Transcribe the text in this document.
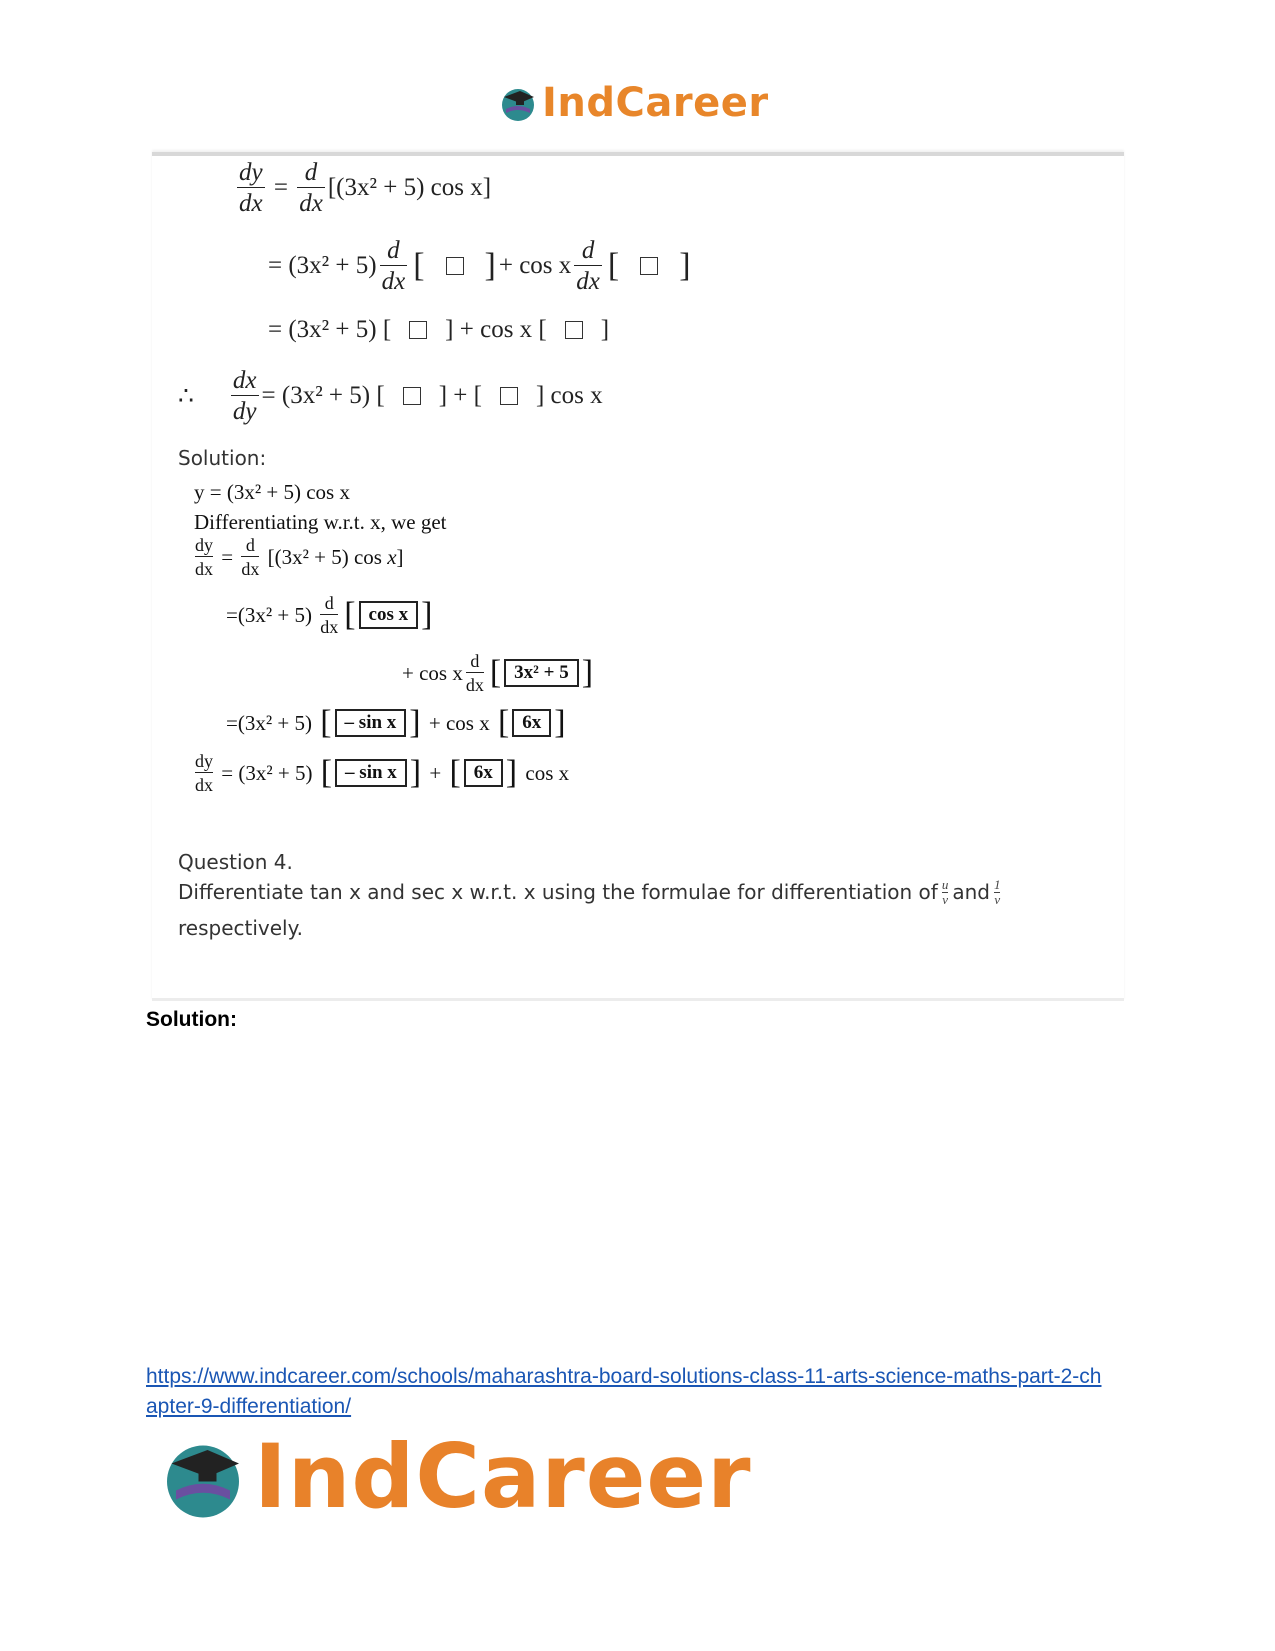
IndCareer
$\frac{dy}{dx} = \frac{d}{dx} [(3x^2 + 5)$ cos x]
= $(3x^2 + 5) \frac{d}{dx}$ [ ] + cos x $\frac{d}{dx}$ [ ]
= (3x² + 5) [ ] + cos x [ ]
∴ $\frac{dx}{dy} = (3x^2 + 5)$ [ ] + [ ] cos x
Solution:
y = (3x² + 5) cos x
Differentiating w.r.t. x, we get
$\frac{dy}{dx} = \frac{d}{dx} [(3x^2 + 5)$ cos x]
$=(3x^2 + 5) \frac{d}{dx}$ [ cos x ]
+ cos x $\frac{d}{dx}$ [ 3x² + 5 ]
=(3x² + 5) [ – sin x ] + cos x [ 6x ]
$\frac{dy}{dx} = (3x^2 + 5)$ [ – sin x ] + [ 6x ]
cos x
Question 4.
Differentiate tan x and sec x w.r.t. x using the formulae for differentiation of $\frac{u}{v}$ and $\frac{1}{v}$
respectively.
Solution:
https://www.indcareer.com/schools/maharashtra-board-solutions-class-11-arts-science-maths-part-2-chapter-9-differentiation/
IndCareer
